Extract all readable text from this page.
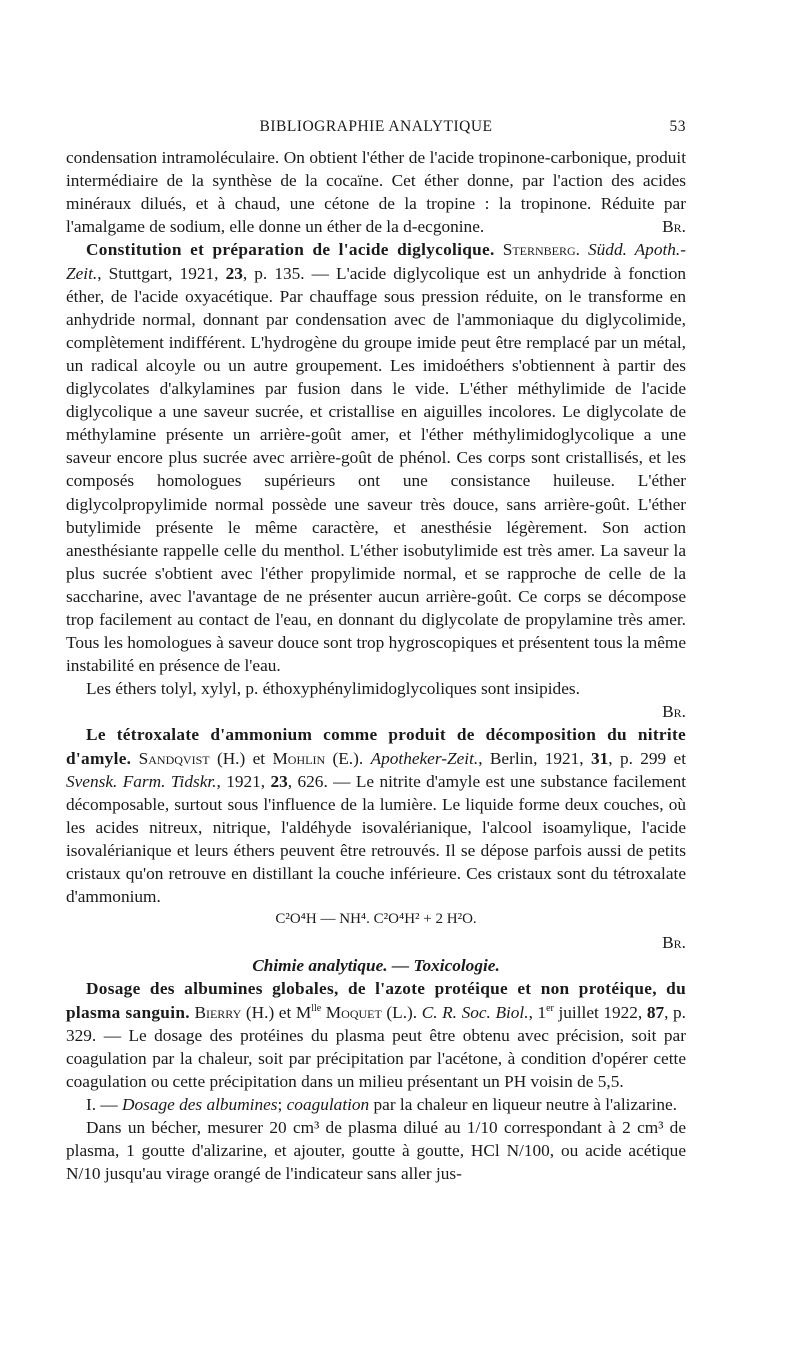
BIBLIOGRAPHIE ANALYTIQUE	53

condensation intramoléculaire. On obtient l'éther de l'acide tropinone-carbonique, produit intermédiaire de la synthèse de la cocaïne. Cet éther donne, par l'action des acides minéraux dilués, et à chaud, une cétone de la tropine : la tropinone. Réduite par l'amalgame de sodium, elle donne un éther de la d-ecgonine.	Br.

Constitution et préparation de l'acide diglycolique. Sternberg. Südd. Apoth.-Zeit., Stuttgart, 1921, 23, p. 135. — L'acide diglycolique est un anhydride à fonction éther, de l'acide oxyacétique. Par chauffage sous pression réduite, on le transforme en anhydride normal, donnant par condensation avec de l'ammoniaque du diglycolimide, complètement indifférent. L'hydrogène du groupe imide peut être remplacé par un métal, un radical alcoyle ou un autre groupement. Les imidoéthers s'obtiennent à partir des diglycolates d'alkylamines par fusion dans le vide. L'éther méthylimide de l'acide diglycolique a une saveur sucrée, et cristallise en aiguilles incolores. Le diglycolate de méthylamine présente un arrière-goût amer, et l'éther méthylimidoglycolique a une saveur encore plus sucrée avec arrière-goût de phénol. Ces corps sont cristallisés, et les composés homologues supérieurs ont une consistance huileuse. L'éther diglycolpropylimide normal possède une saveur très douce, sans arrière-goût. L'éther butylimide présente le même caractère, et anesthésie légèrement. Son action anesthésiante rappelle celle du menthol. L'éther isobutylimide est très amer. La saveur la plus sucrée s'obtient avec l'éther propylimide normal, et se rapproche de celle de la saccharine, avec l'avantage de ne présenter aucun arrière-goût. Ce corps se décompose trop facilement au contact de l'eau, en donnant du diglycolate de propylamine très amer. Tous les homologues à saveur douce sont trop hygroscopiques et présentent tous la même instabilité en présence de l'eau.

Les éthers tolyl, xylyl, p. éthoxyphénylimidoglycoliques sont insipides.

Br.

Le tétroxalate d'ammonium comme produit de décomposition du nitrite d'amyle. Sandqvist (H.) et Mohlin (E.). Apotheker-Zeit., Berlin, 1921, 31, p. 299 et Svensk. Farm. Tidskr., 1921, 23, 626. — Le nitrite d'amyle est une substance facilement décomposable, surtout sous l'influence de la lumière. Le liquide forme deux couches, où les acides nitreux, nitrique, l'aldéhyde isovalérianique, l'alcool isoamylique, l'acide isovalérianique et leurs éthers peuvent être retrouvés. Il se dépose parfois aussi de petits cristaux qu'on retrouve en distillant la couche inférieure. Ces cristaux sont du tétroxalate d'ammonium.

C²O⁴H — NH⁴. C²O⁴H² + 2 H²O.

Br.

Chimie analytique. — Toxicologie.

Dosage des albumines globales, de l'azote protéique et non protéique, du plasma sanguin. Bierry (H.) et $M^{lle}$ Moquet (L.). C. R. Soc. Biol., 1er juillet 1922, 87, p. 329. — Le dosage des protéines du plasma peut être obtenu avec précision, soit par coagulation par la chaleur, soit par précipitation par l'acétone, à condition d'opérer cette coagulation ou cette précipitation dans un milieu présentant un PH voisin de 5,5.

I. — Dosage des albumines; coagulation par la chaleur en liqueur neutre à l'alizarine.

Dans un bécher, mesurer 20 cm³ de plasma dilué au 1/10 correspondant à 2 cm³ de plasma, 1 goutte d'alizarine, et ajouter, goutte à goutte, HCl N/100, ou acide acétique N/10 jusqu'au virage orangé de l'indicateur sans aller jus-
